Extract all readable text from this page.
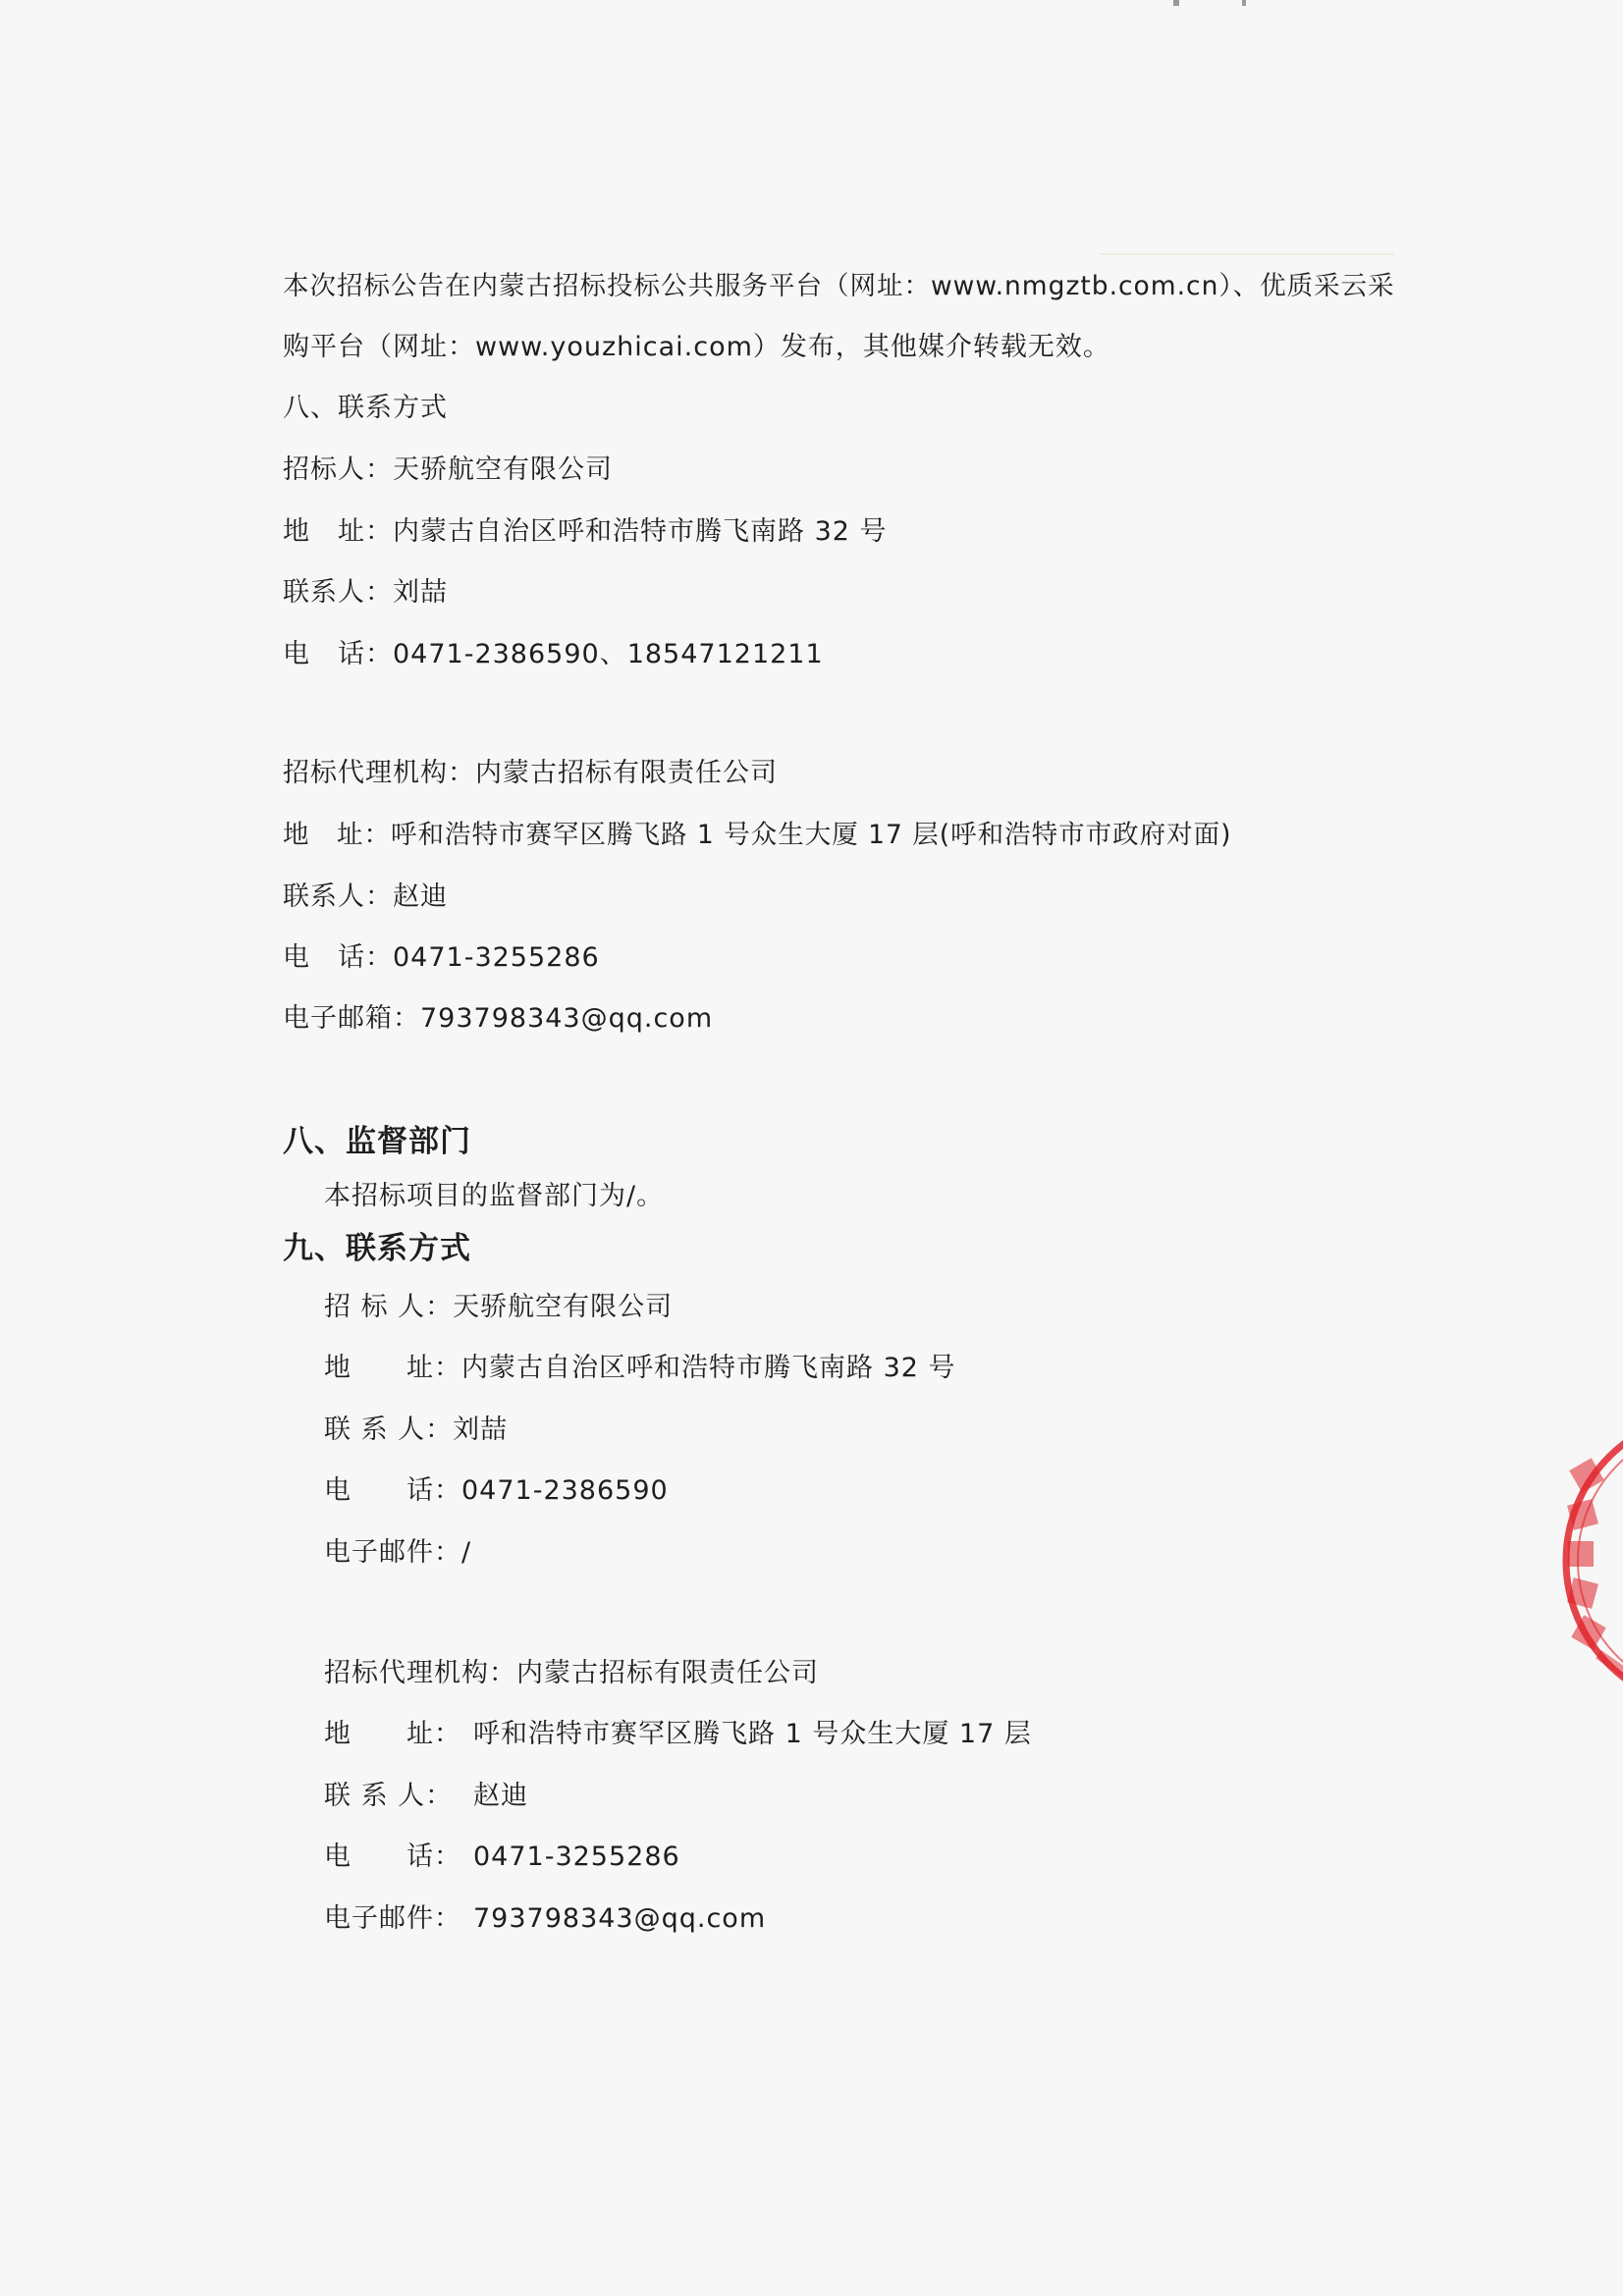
本次招标公告在内蒙古招标投标公共服务平台（网址：www.nmgztb.com.cn）、优质采云采
购平台（网址：www.youzhicai.com）发布，其他媒介转载无效。
八、联系方式
招标人：天骄航空有限公司
地　址：内蒙古自治区呼和浩特市腾飞南路 32 号
联系人：刘喆
电　话：0471-2386590、18547121211
招标代理机构：内蒙古招标有限责任公司
地　址：呼和浩特市赛罕区腾飞路 1 号众生大厦 17 层(呼和浩特市市政府对面)
联系人：赵迪
电　话：0471-3255286
电子邮箱：793798343@qq.com
八、监督部门
本招标项目的监督部门为/。
九、联系方式
招 标 人：天骄航空有限公司
地　　址：内蒙古自治区呼和浩特市腾飞南路 32 号
联 系 人：刘喆
电　　话：0471-2386590
电子邮件：/
招标代理机构：内蒙古招标有限责任公司
地　　址： 呼和浩特市赛罕区腾飞路 1 号众生大厦 17 层
联 系 人： 赵迪
电　　话： 0471-3255286
电子邮件： 793798343@qq.com
